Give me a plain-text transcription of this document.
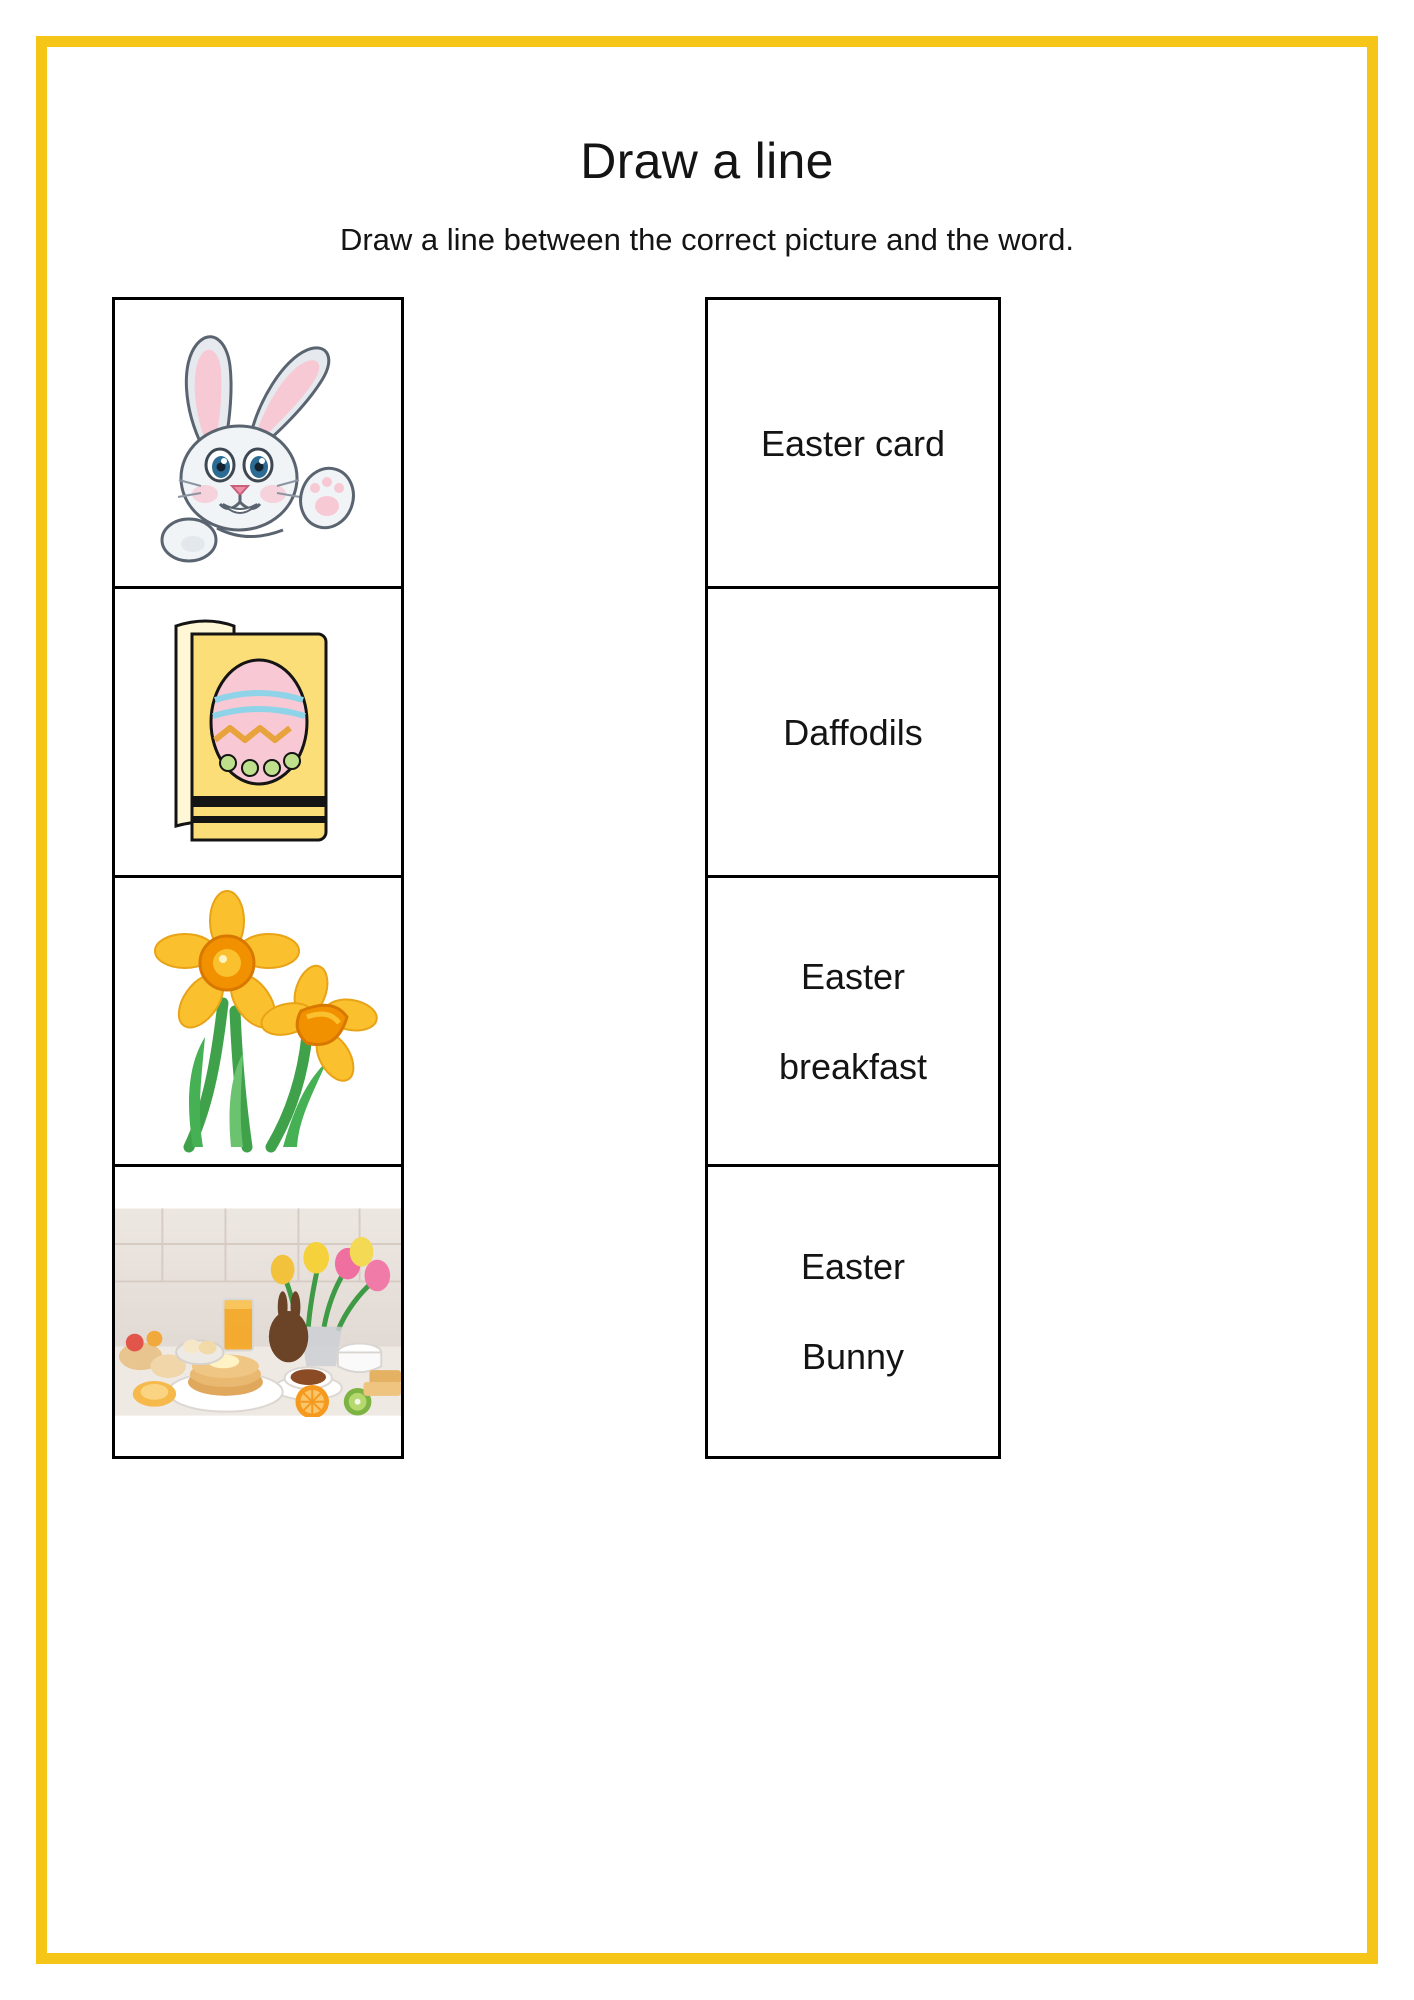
Draw a line
Draw a line between the correct picture and the word.
Easter card
Daffodils
Easter

breakfast
Easter

Bunny
